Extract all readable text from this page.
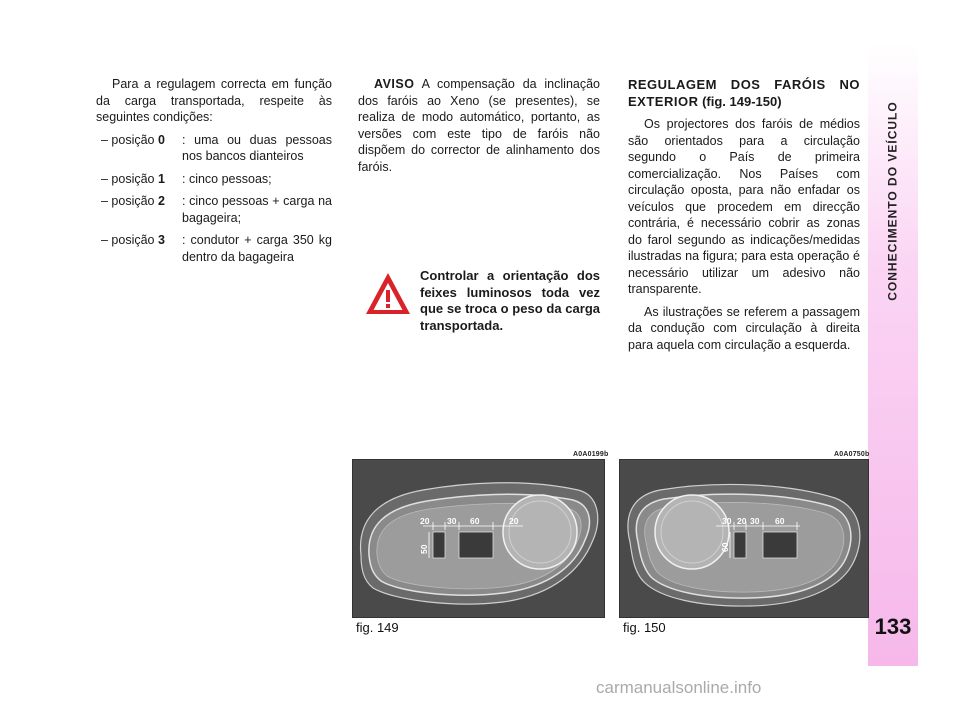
Para a regulagem correcta em função da carga transportada, respeite às seguintes condições:

– posição 0	: uma ou duas pessoas nos bancos dianteiros
– posição 1	: cinco pessoas;
– posição 2	: cinco pessoas + carga na bagageira;
– posição 3	: condutor + carga 350 kg dentro da bagageira

AVISO A compensação da inclinação dos faróis ao Xeno (se presentes), se realiza de modo automático, portanto, as versões com este tipo de faróis não dispõem do corrector de alinhamento dos faróis.

Controlar a orientação dos feixes luminosos toda vez que se troca o peso da carga transportada.

REGULAGEM DOS FARÓIS NO EXTERIOR (fig. 149-150)

Os projectores dos faróis de médios são orientados para a circulação segundo o País de primeira comercialização. Nos Países com circulação oposta, para não enfadar os veículos que procedem em direcção contrária, é necessário cobrir as zonas do farol segundo as indicações/medidas ilustradas na figura; para esta operação é necessário utilizar um adesivo não transparente.

As ilustrações se referem a passagem da condução com circulação à direita para aquela com circulação a esquerda.

CONHECIMENTO DO VEÍCULO
133
A0A0199b
20 30 60	20
50
fig. 149
A0A0750b
30 20 30 60
60
fig. 150
carmanualsonline.info
